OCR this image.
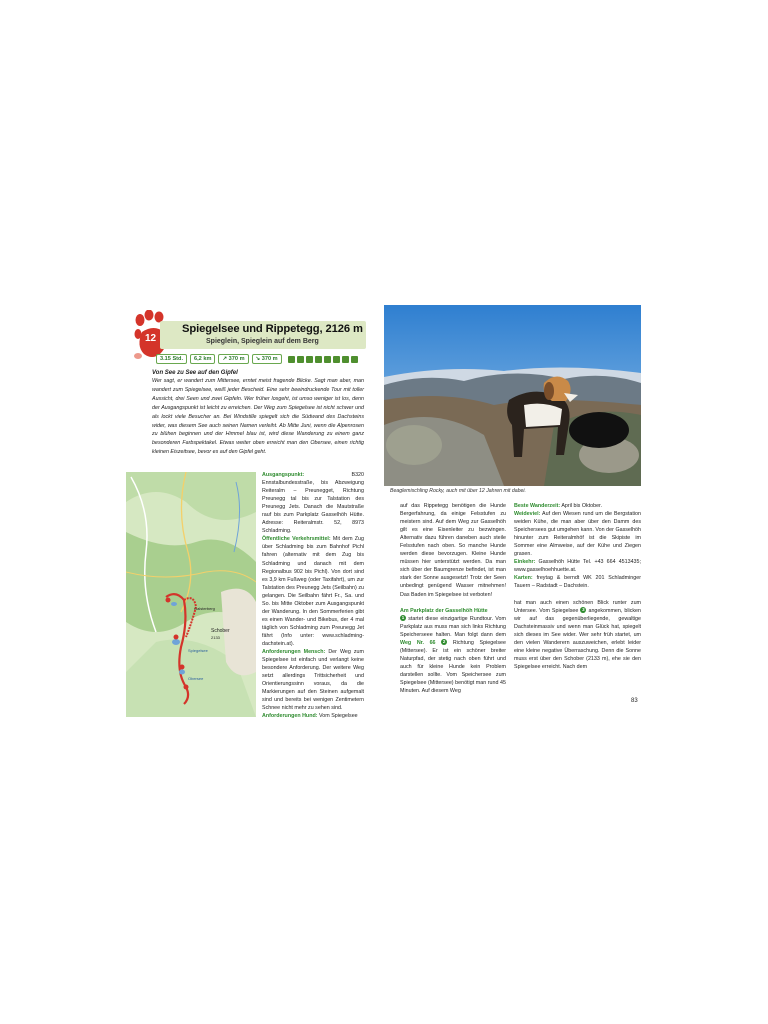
12
Spiegelsee und Rippetegg, 2126 m
Spieglein, Spieglein auf dem Berg
3.15 Std.	6,2 km	↗ 370 m	↘ 370 m
Von See zu See auf den Gipfel
Wer sagt, er wandert zum Mittersee, erntet meist fragende Blicke. Sagt man aber, man wandert zum Spiegelsee, weiß jeder Bescheid. Eine sehr beeindruckende Tour mit toller Aussicht, drei Seen und zwei Gipfeln. Wer früher losgeht, ist umso weniger ist los, denn der Ausgangspunkt ist leicht zu erreichen. Der Weg zum Spiegelsee ist nicht schwer und als lockt viele Besucher an. Bei Windstille spiegelt sich die Südwand des Dachsteins wider, was diesem See auch seinen Namen verleiht. Ab Mitte Juni, wenn die Alpenrosen zu blühen beginnen und der Himmel blau ist, wird diese Wanderung zu einem ganz besonderen Farbspektakel. Etwas weiter oben erreicht man den Obersee, einen richtig kleinen Eiszeitsee, bevor es auf den Gipfel geht.
Schober
2133
Obersee
Spiegelsee
Galsterberg
Ausgangspunkt:	B320 Ennstalbundesstraße, bis Abzweigung Reiteralm – Preunegget, Richtung Preunegg tal bis zur Talstation des Preunegg Jets. Danach die Mautstraße rauf bis zum Parkplatz Gasselhöh Hütte. Adresse: Reiteralmstr. 52, 8973 Schladming.
Öffentliche Verkehrsmittel: Mit dem Zug über Schladming bis zum Bahnhof Pichl fahren (alternativ mit dem Zug bis Schladming und danach mit dem Regionalbus 902 bis Pichl). Von dort sind es 3,9 km Fußweg (oder Taxifahrt), um zur Talstation des Preunegg Jets (Seilbahn) zu gelangen. Die Seilbahn fährt Fr., Sa. und So. bis Mitte Oktober zum Ausgangspunkt der Wanderung. In den Sommerferien gibt es einen Wander- und Bikebus, der 4 mal täglich von Schladming zum Preunegg Jet fährt (Info unter: www.schladming-dachstein.at).
Anforderungen Mensch: Der Weg zum Spiegelsee ist einfach und verlangt keine besondere Anforderung. Der weitere Weg setzt allerdings Trittsicherheit und Orientierungssinn voraus, da die Markierungen auf den Steinen aufgemalt sind und bereits bei wenigen Zentimetern Schnee nicht mehr zu sehen sind.
Anforderungen Hund: Vom Spiegelsee
Beaglemischling Rocky, auch mit über 12 Jahren mit dabei.
auf das Rippetegg benötigen die Hunde Bergerfahrung, da einige Felsstufen zu meistern sind. Auf dem Weg zur Gasselhöh gilt es eine Eisenleiter zu bezwingen. Alternativ dazu führen daneben auch steile Felsstufen nach oben. So manche Hunde werden diese bevorzugen. Kleine Hunde müssen hier unterstützt werden. Da man sich über der Baumgrenze befindet, ist man stark der Sonne ausgesetzt! Trotz der Seen unbedingt genügend Wasser mitnehmen! Das Baden im Spiegelsee ist verboten!

Am Parkplatz der Gasselhöh Hütte
1 startet diese einzigartige Rundtour. Vom Parkplatz aus muss man sich links Richtung Speicherseee halten. Man folgt dann dem Weg Nr. 66 2 Richtung Spiegelsee (Mittersee). Er ist ein schöner breiter Naturpfad, der stetig nach oben führt und auch für kleine Hunde kein Problem darstellen sollte. Vom Speichersee zum Spiegelsee (Mittersee) benötigt man rund 45 Minuten. Auf diesem Weg
Beste Wanderzeit: April bis Oktober.
Weideviel: Auf den Wiesen rund um die Bergstation weiden Kühe, die man aber über den Damm des Speichersees gut umgehen kann. Von der Gasselhöh hinunter zum Reiteralmhöf ist die Skipiste im Sommer eine Almweise, auf der Kühe und Ziegen grasen.
Einkehr: Gasselhöh Hütte Tel. +43 664 4513435; www.gasselhoehhuette.at.
Karten: freytag & berndt WK 201 Schladminger Tauern – Radstadt – Dachstein.

hat man auch einen schönen Blick runter zum Untersee. Vom Spiegelsee 3 angekommen, blicken wir auf das gegenüberliegende, gewaltige Dachsteinmassiv und wenn man Glück hat, spiegelt sich dieses im See wider. Wer sehr früh startet, um den vielen Wanderern auszuweichen, erlebt leider eine kleine negative Überraschung. Denn die Sonne muss erst über den Schober (2133 m), ehe sie den Spiegelsee erreicht. Nach dem
83
